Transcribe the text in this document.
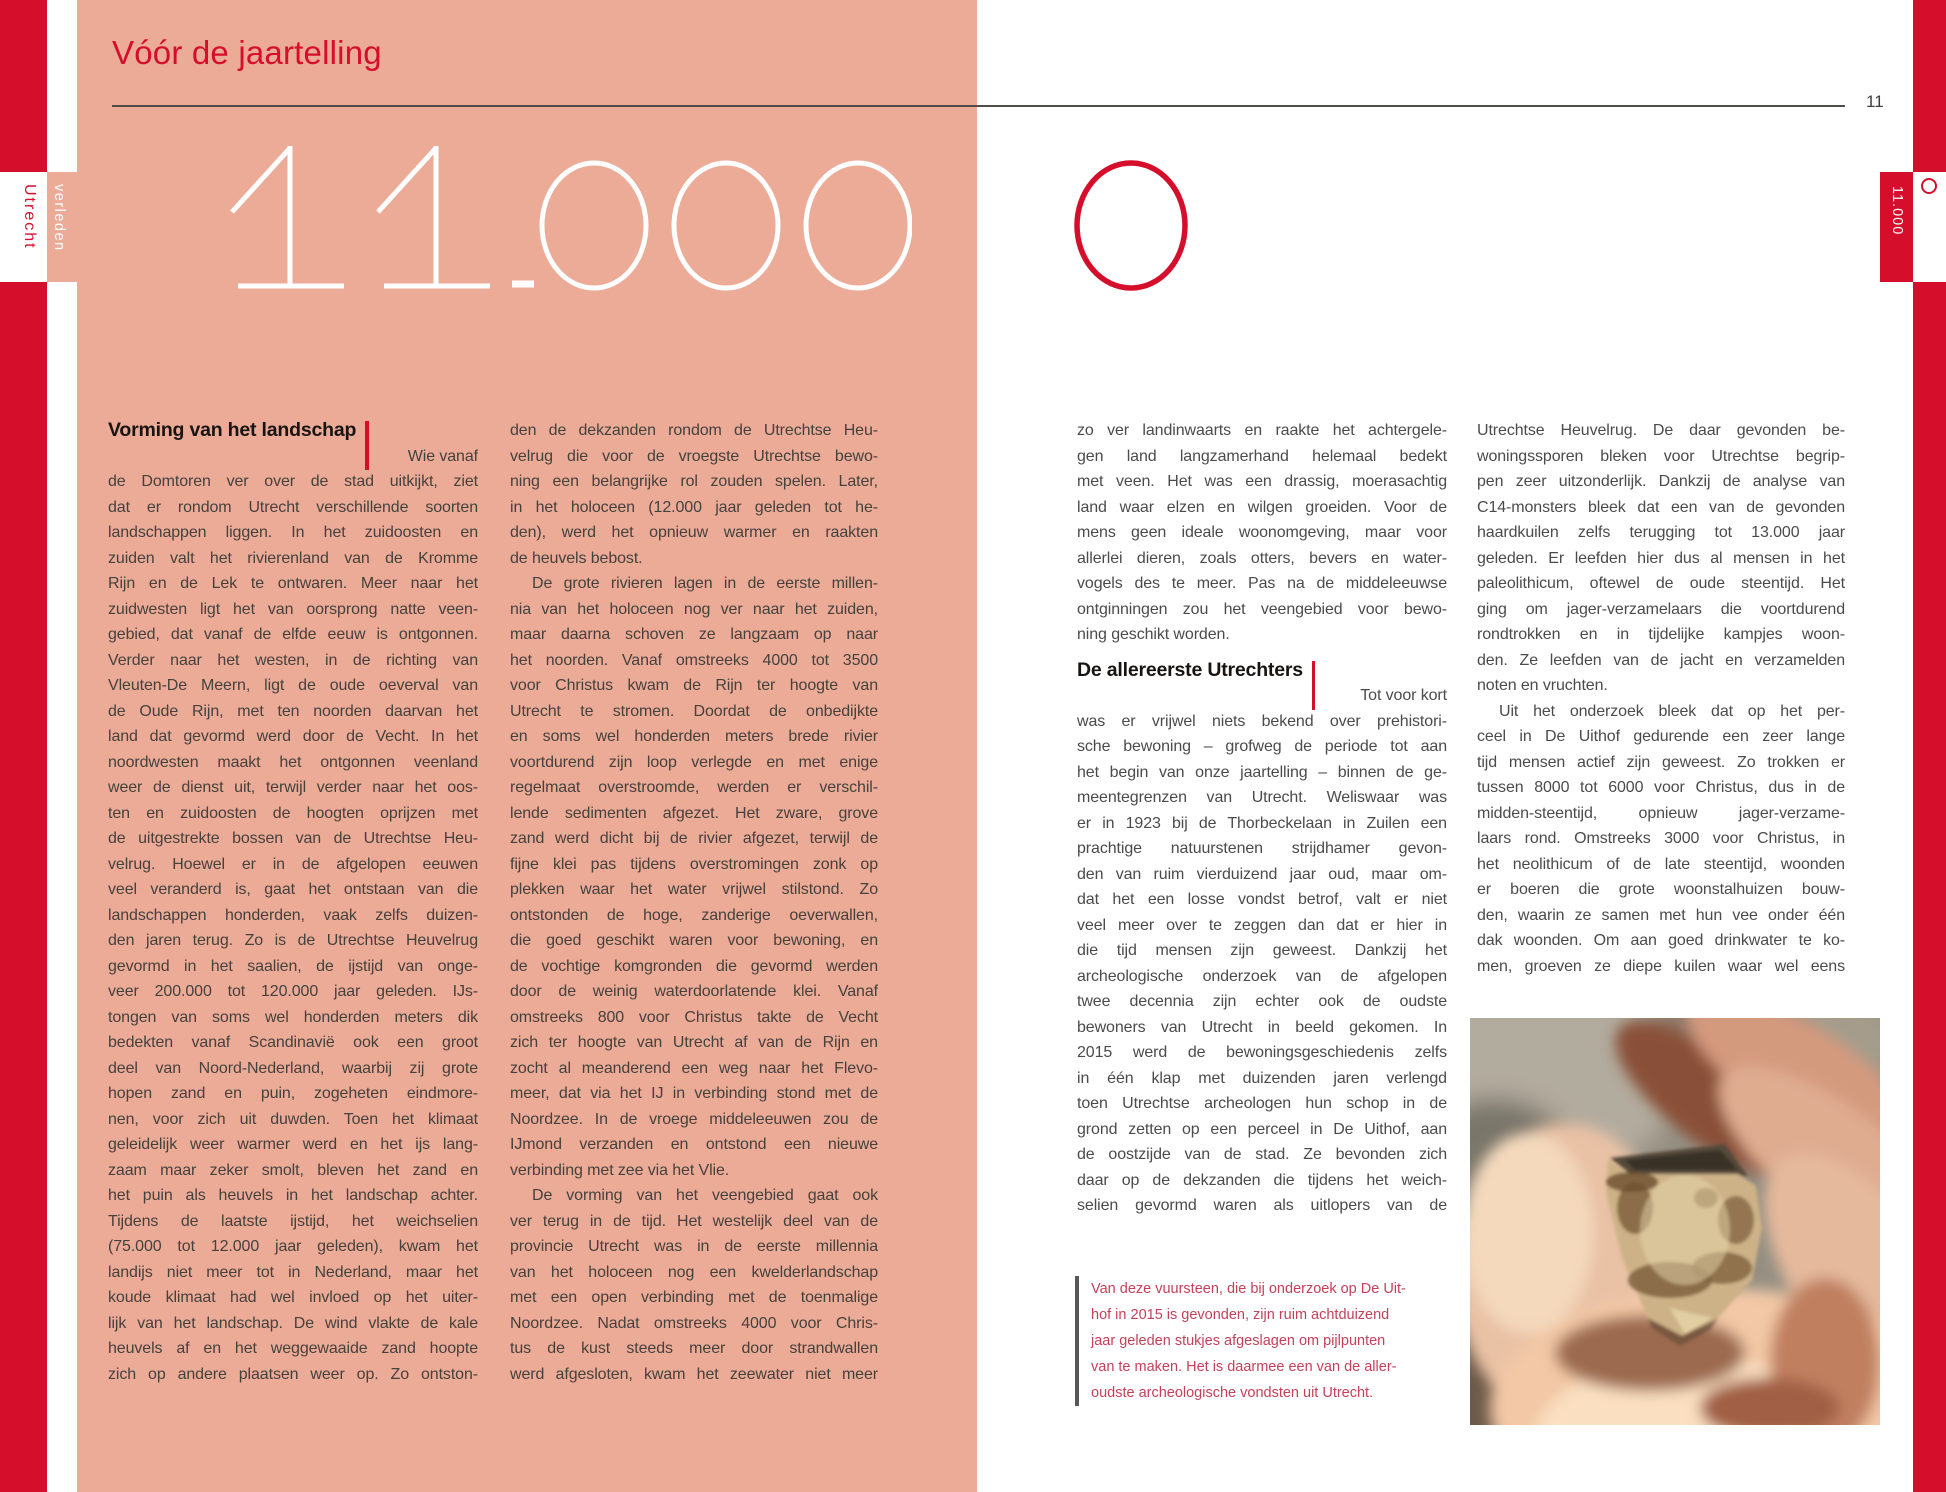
Utrecht verleden
Vóór de jaartelling
11
11.000
Vorming van het landschap
Wie vanaf
de Domtoren ver over de stad uitkijkt, ziet
dat er rondom Utrecht verschillende soorten
landschappen liggen. In het zuidoosten en
zuiden valt het rivierenland van de Kromme
Rijn en de Lek te ontwaren. Meer naar het
zuidwesten ligt het van oorsprong natte veen-
gebied, dat vanaf de elfde eeuw is ontgonnen.
Verder naar het westen, in de richting van
Vleuten-De Meern, ligt de oude oeverval van
de Oude Rijn, met ten noorden daarvan het
land dat gevormd werd door de Vecht. In het
noordwesten maakt het ontgonnen veenland
weer de dienst uit, terwijl verder naar het oos-
ten en zuidoosten de hoogten oprijzen met
de uitgestrekte bossen van de Utrechtse Heu-
velrug. Hoewel er in de afgelopen eeuwen
veel veranderd is, gaat het ontstaan van die
landschappen honderden, vaak zelfs duizen-
den jaren terug. Zo is de Utrechtse Heuvelrug
gevormd in het saalien, de ijstijd van onge-
veer 200.000 tot 120.000 jaar geleden. IJs-
tongen van soms wel honderden meters dik
bedekten vanaf Scandinavië ook een groot
deel van Noord-Nederland, waarbij zij grote
hopen zand en puin, zogeheten eindmore-
nen, voor zich uit duwden. Toen het klimaat
geleidelijk weer warmer werd en het ijs lang-
zaam maar zeker smolt, bleven het zand en
het puin als heuvels in het landschap achter.
Tijdens de laatste ijstijd, het weichselien
(75.000 tot 12.000 jaar geleden), kwam het
landijs niet meer tot in Nederland, maar het
koude klimaat had wel invloed op het uiter-
lijk van het landschap. De wind vlakte de kale
heuvels af en het weggewaaide zand hoopte
zich op andere plaatsen weer op. Zo ontston-
den de dekzanden rondom de Utrechtse Heu-
velrug die voor de vroegste Utrechtse bewo-
ning een belangrijke rol zouden spelen. Later,
in het holoceen (12.000 jaar geleden tot he-
den), werd het opnieuw warmer en raakten
de heuvels bebost.
De grote rivieren lagen in de eerste millen-
nia van het holoceen nog ver naar het zuiden,
maar daarna schoven ze langzaam op naar
het noorden. Vanaf omstreeks 4000 tot 3500
voor Christus kwam de Rijn ter hoogte van
Utrecht te stromen. Doordat de onbedijkte
en soms wel honderden meters brede rivier
voortdurend zijn loop verlegde en met enige
regelmaat overstroomde, werden er verschil-
lende sedimenten afgezet. Het zware, grove
zand werd dicht bij de rivier afgezet, terwijl de
fijne klei pas tijdens overstromingen zonk op
plekken waar het water vrijwel stilstond. Zo
ontstonden de hoge, zanderige oeverwallen,
die goed geschikt waren voor bewoning, en
de vochtige komgronden die gevormd werden
door de weinig waterdoorlatende klei. Vanaf
omstreeks 800 voor Christus takte de Vecht
zich ter hoogte van Utrecht af van de Rijn en
zocht al meanderend een weg naar het Flevo-
meer, dat via het IJ in verbinding stond met de
Noordzee. In de vroege middeleeuwen zou de
IJmond verzanden en ontstond een nieuwe
verbinding met zee via het Vlie.
De vorming van het veengebied gaat ook
ver terug in de tijd. Het westelijk deel van de
provincie Utrecht was in de eerste millennia
van het holoceen nog een kwelderlandschap
met een open verbinding met de toenmalige
Noordzee. Nadat omstreeks 4000 voor Chris-
tus de kust steeds meer door strandwallen
werd afgesloten, kwam het zeewater niet meer
zo ver landinwaarts en raakte het achtergele-
gen land langzamerhand helemaal bedekt
met veen. Het was een drassig, moerasachtig
land waar elzen en wilgen groeiden. Voor de
mens geen ideale woonomgeving, maar voor
allerlei dieren, zoals otters, bevers en water-
vogels des te meer. Pas na de middeleeuwse
ontginningen zou het veengebied voor bewo-
ning geschikt worden.
De allereerste Utrechters
Tot voor kort
was er vrijwel niets bekend over prehistori-
sche bewoning – grofweg de periode tot aan
het begin van onze jaartelling – binnen de ge-
meentegrenzen van Utrecht. Weliswaar was
er in 1923 bij de Thorbeckelaan in Zuilen een
prachtige natuurstenen strijdhamer gevon-
den van ruim vierduizend jaar oud, maar om-
dat het een losse vondst betrof, valt er niet
veel meer over te zeggen dan dat er hier in
die tijd mensen zijn geweest. Dankzij het
archeologische onderzoek van de afgelopen
twee decennia zijn echter ook de oudste
bewoners van Utrecht in beeld gekomen. In
2015 werd de bewoningsgeschiedenis zelfs
in één klap met duizenden jaren verlengd
toen Utrechtse archeologen hun schop in de
grond zetten op een perceel in De Uithof, aan
de oostzijde van de stad. Ze bevonden zich
daar op de dekzanden die tijdens het weich-
selien gevormd waren als uitlopers van de
Utrechtse Heuvelrug. De daar gevonden be-
woningssporen bleken voor Utrechtse begrip-
pen zeer uitzonderlijk. Dankzij de analyse van
C14-monsters bleek dat een van de gevonden
haardkuilen zelfs terugging tot 13.000 jaar
geleden. Er leefden hier dus al mensen in het
paleolithicum, oftewel de oude steentijd. Het
ging om jager-verzamelaars die voortdurend
rondtrokken en in tijdelijke kampjes woon-
den. Ze leefden van de jacht en verzamelden
noten en vruchten.
Uit het onderzoek bleek dat op het per-
ceel in De Uithof gedurende een zeer lange
tijd mensen actief zijn geweest. Zo trokken er
tussen 8000 tot 6000 voor Christus, dus in de
midden-steentijd, opnieuw jager-verzame-
laars rond. Omstreeks 3000 voor Christus, in
het neolithicum of de late steentijd, woonden
er boeren die grote woonstalhuizen bouw-
den, waarin ze samen met hun vee onder één
dak woonden. Om aan goed drinkwater te ko-
men, groeven ze diepe kuilen waar wel eens
Van deze vuursteen, die bij onderzoek op De Uit-
hof in 2015 is gevonden, zijn ruim achtduizend
jaar geleden stukjes afgeslagen om pijlpunten
van te maken. Het is daarmee een van de aller-
oudste archeologische vondsten uit Utrecht.
